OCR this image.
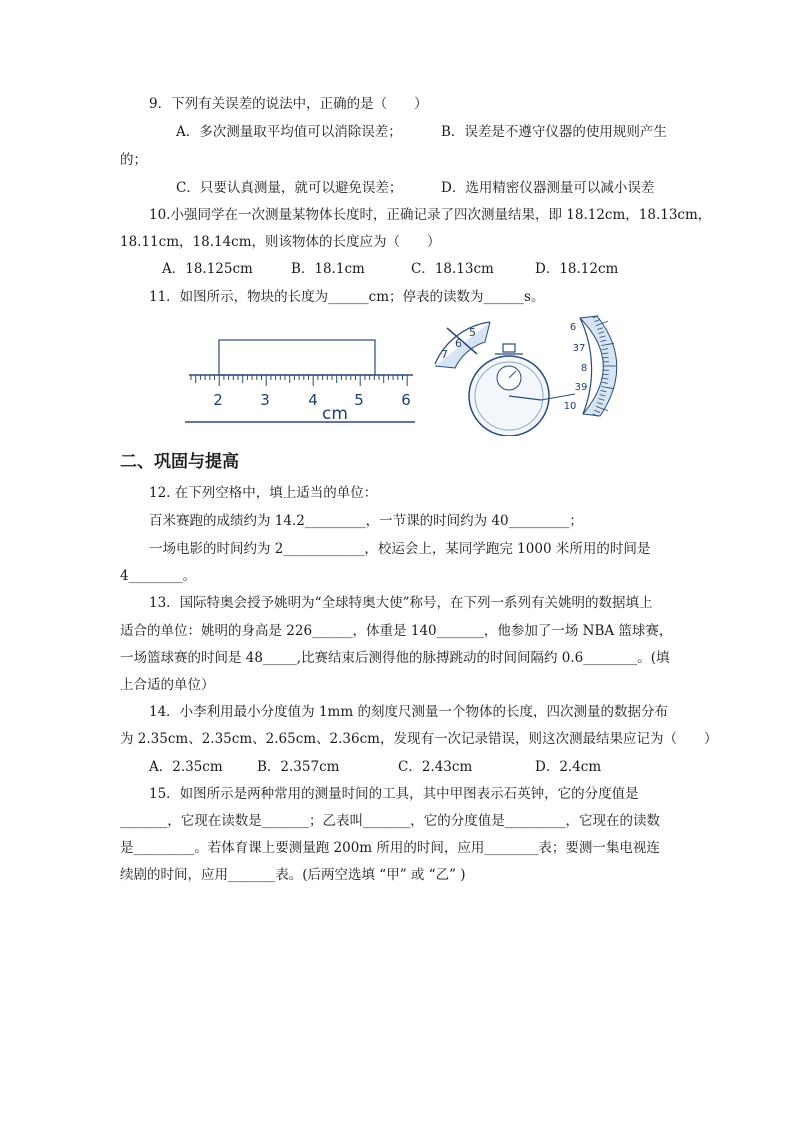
9．下列有关误差的说法中，正确的是（　　）
A．多次测量取平均值可以消除误差；	B．误差是不遵守仪器的使用规则产生
的；
C．只要认真测量，就可以避免误差；	D．选用精密仪器测量可以减小误差
10.小强同学在一次测量某物体长度时，正确记录了四次测量结果，即 18.12cm，18.13cm，
18.11cm，18.14cm，则该物体的长度应为（　　）
A．18.125cm	B．18.1cm	C．18.13cm	D．18.12cm
11．如图所示，物块的长度为______cm；停表的读数为______s。
2 3	4 5 6
cm
5
6
7
6
37
8
39
10
二、巩固与提高
12. 在下列空格中，填上适当的单位：
百米赛跑的成绩约为 14.2_________，一节课的时间约为 40_________；
一场电影的时间约为 2____________，校运会上，某同学跑完 1000 米所用的时间是
4________。
13．国际特奥会授予姚明为“全球特奥大使”称号，在下列一系列有关姚明的数据填上
适合的单位：姚明的身高是 226______，体重是 140_______，他参加了一场 NBA 篮球赛，
一场篮球赛的时间是 48_____,比赛结束后测得他的脉搏跳动的时间间隔约 0.6________。(填
上合适的单位）
14．小李利用最小分度值为 1mm 的刻度尺测量一个物体的长度，四次测量的数据分布
为 2.35cm、2.35cm、2.65cm、2.36cm，发现有一次记录错误，则这次测最结果应记为（　　）
A．2.35cm	B．2.357cm	C．2.43cm	D．2.4cm
15．如图所示是两种常用的测量时间的工具，其中甲图表示石英钟，它的分度值是
_______，它现在读数是_______；乙表叫_______，它的分度值是_________，它现在的读数
是_________。若体育课上要测量跑 200m 所用的时间，应用________表；要测一集电视连
续剧的时间，应用_______表。(后两空选填 “甲” 或 “乙” )
